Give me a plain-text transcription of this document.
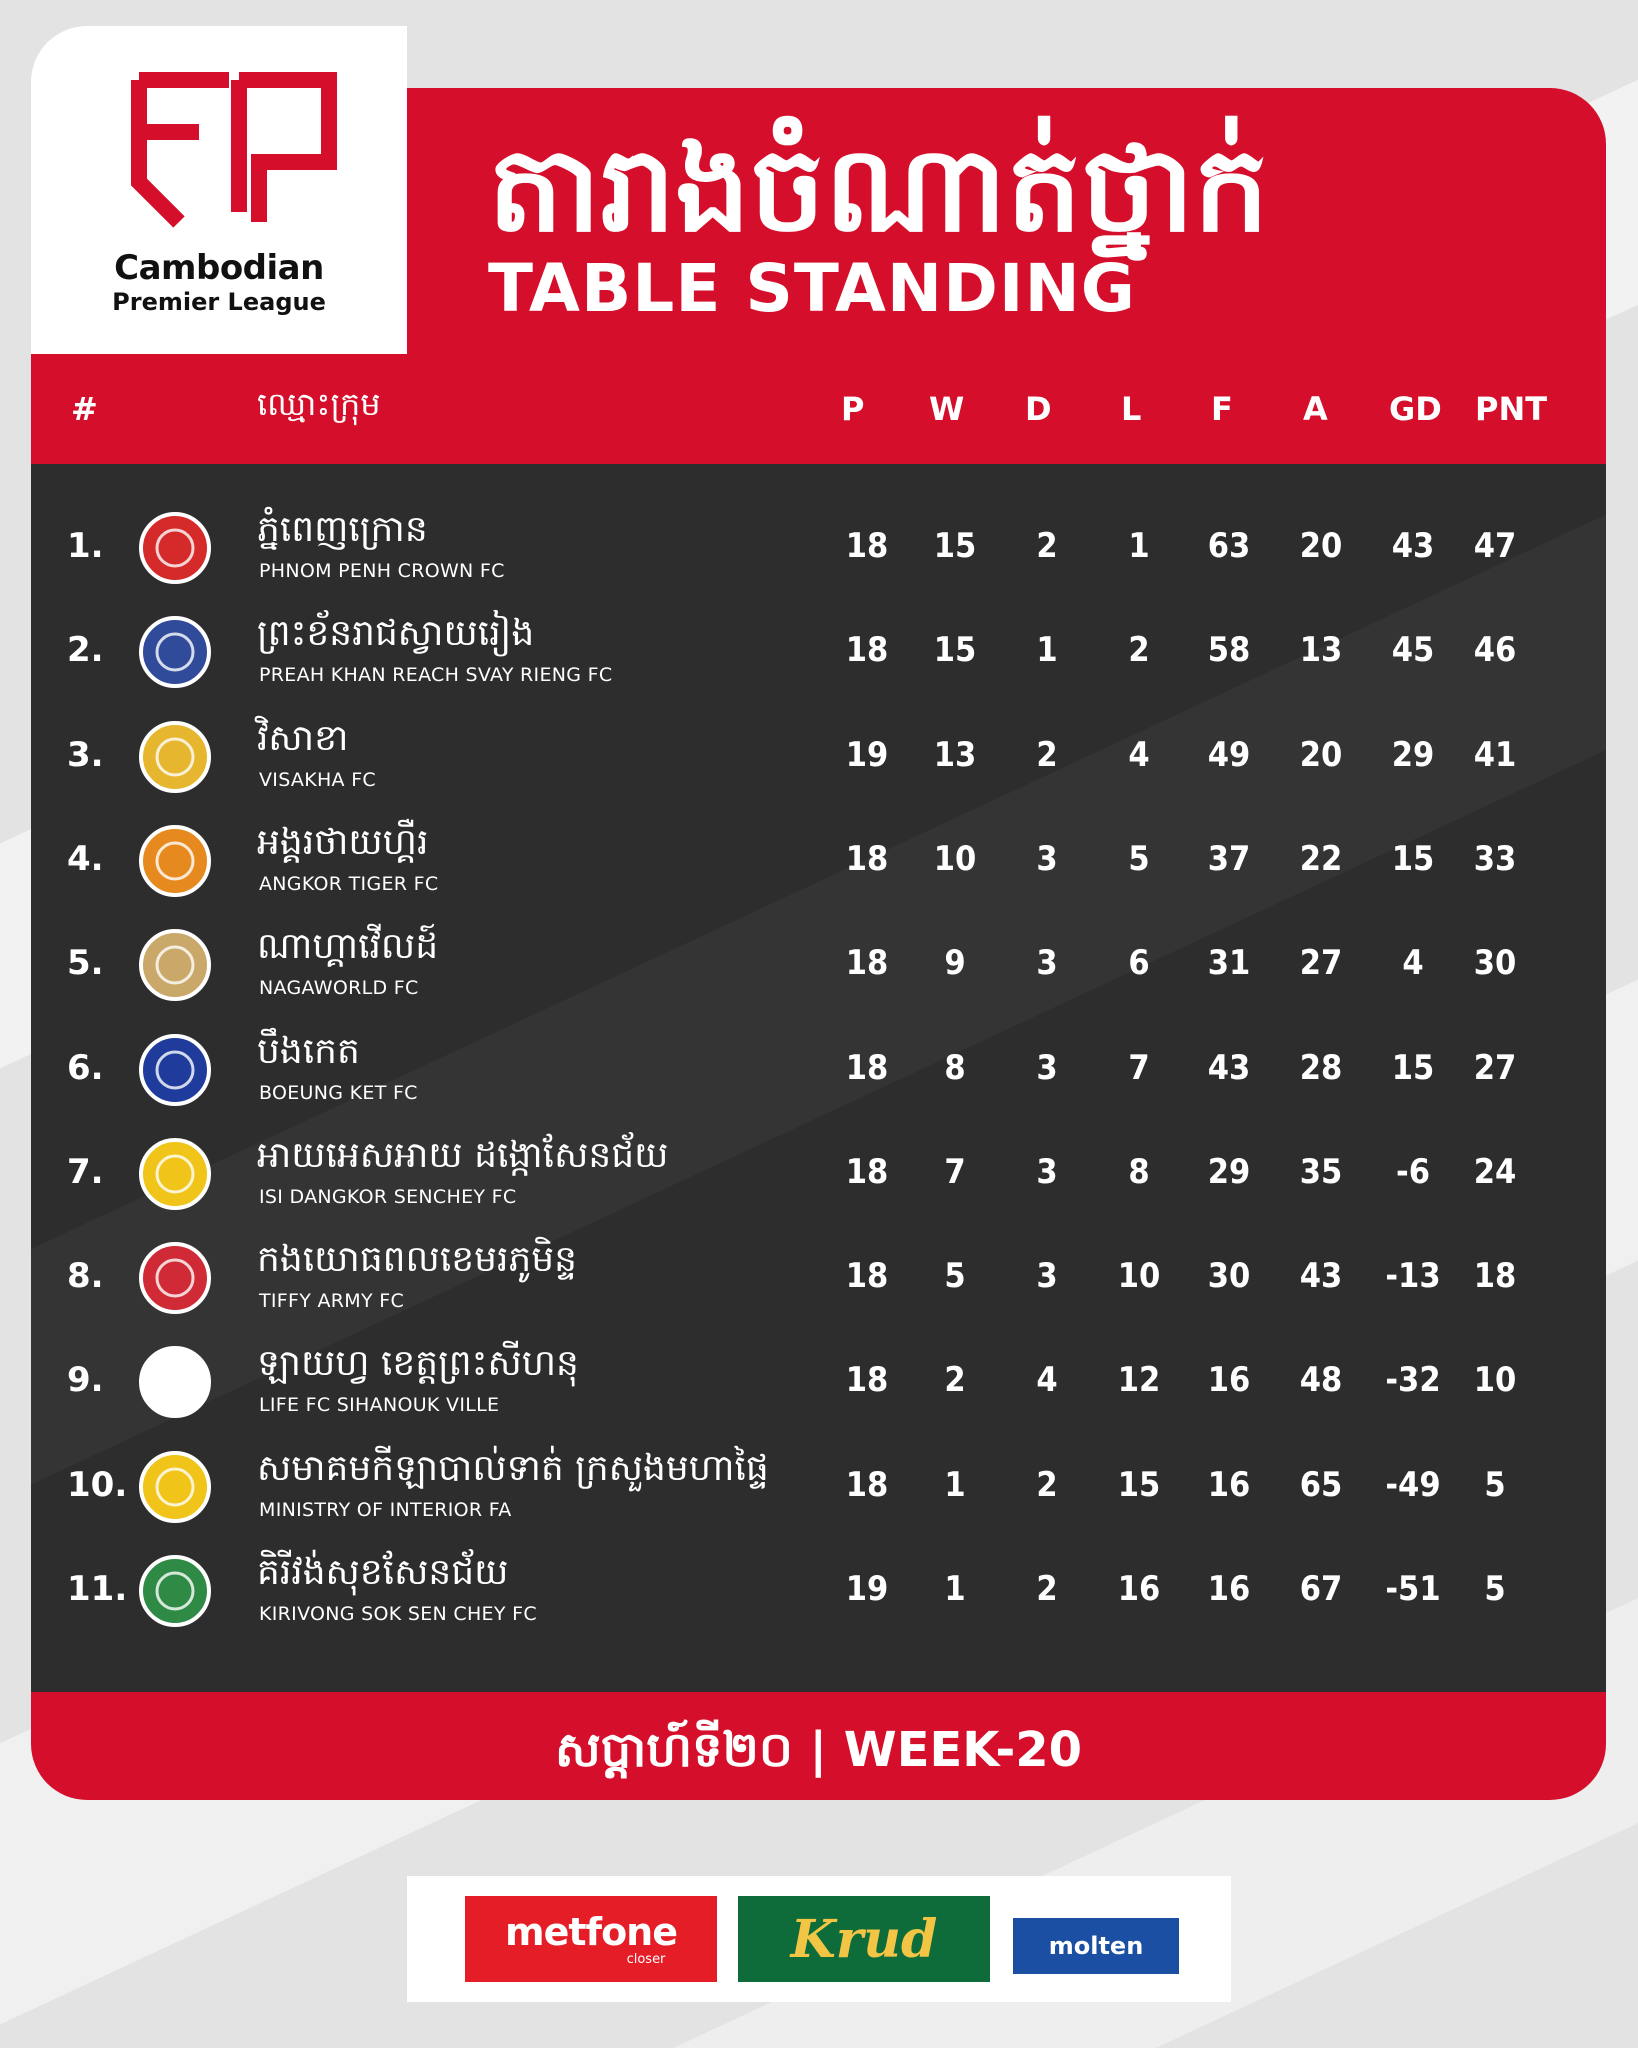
Cambodian
Premier League
តារាងចំណាត់ថ្នាក់
TABLE STANDING
#	ឈ្មោះក្រុម	P W D L F A GD PNT
1.	ភ្នំពេញក្រោន
PHNOM PENH CROWN FC
18	15	2	1	63	20	43	47
2.	ព្រះខ័នរាជស្វាយរៀង
PREAH KHAN REACH SVAY RIENG FC
18	15	1	2	58	13	45	46
3.	វិសាខា
VISAKHA FC
19	13	2	4	49	20	29	41
4.	អង្គរថាយហ្គឺរ
ANGKOR TIGER FC
18	10	3	5	37	22	15	33
5.	ណាហ្គាវើលដ៍
NAGAWORLD FC
18	9	3	6	31	27	4	30
6.	បឹងកេត
BOEUNG KET FC
18	8	3	7	43	28	15	27
7.	អាយអេសអាយ ដង្កោសែនជ័យ
ISI DANGKOR SENCHEY FC
18	7	3	8	29	35	-6	24
8.	កងយោធពលខេមរភូមិន្ទ
TIFFY ARMY FC
18	5	3	10	30	43	-13 18
9.	ឡាយហ្វ ខេត្តព្រះសីហនុ
LIFE FC SIHANOUK VILLE
18	2	4	12	16	48	-32 10
10.	សមាគមកីឡាបាល់ទាត់ ក្រសួងមហាផ្ទៃ
MINISTRY OF INTERIOR FA
18	1	2	15	16	65	-49	5
11.	គិរីវង់សុខសែនជ័យ
KIRIVONG SOK SEN CHEY FC
19	1	2	16	16	67	-51	5
សប្តាហ៍ទី២០ | WEEK-20
metfone
closer	Krud	molten
